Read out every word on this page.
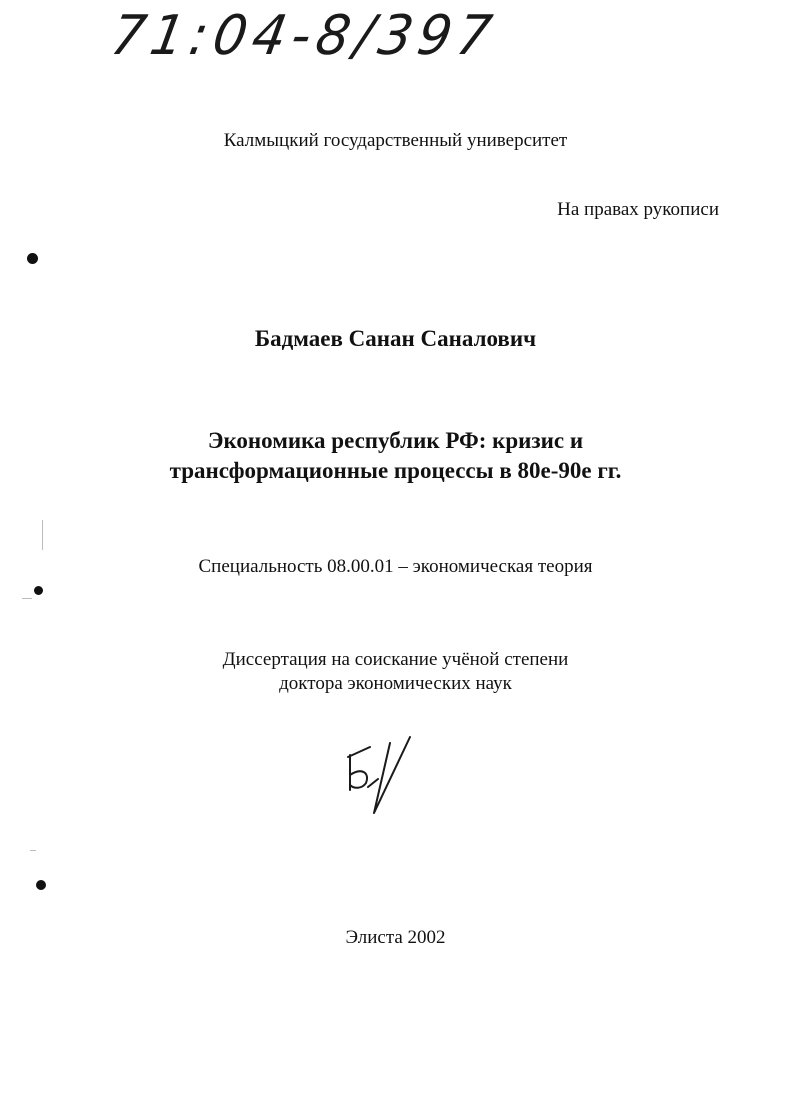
71:04-8/397
Калмыцкий государственный университет
На правах рукописи
Бадмаев Санан Саналович
Экономика республик РФ: кризис и
трансформационные процессы в 80е-90е гг.
Специальность 08.00.01 – экономическая теория
Диссертация на соискание учёной степени
доктора экономических наук
Элиста 2002
